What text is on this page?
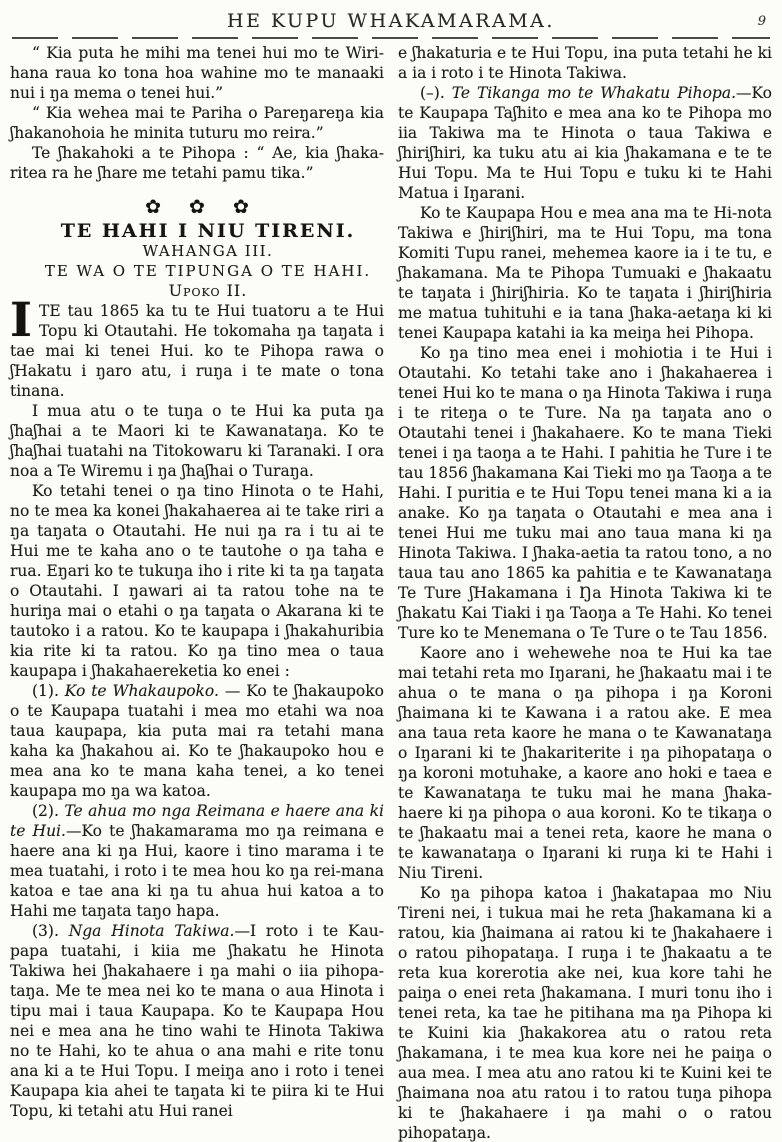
HE KUPU WHAKAMARAMA.	9

“ Kia puta he mihi ma tenei hui mo te Wiri-hana raua ko tona hoa wahine mo te manaaki nui i ŋa mema o tenei hui.”

“ Kia wehea mai te Pariha o Pareŋareŋa kia ʃhakanohoia he minita tuturu mo reira.”

Te ʃhakahoki a te Pihopa : “ Ae, kia ʃhaka-ritea ra he ʃhare me tetahi pamu tika.”

✿ ✿ ✿

TE HAHI I NIU TIRENI.

WAHANGA III.

TE WA O TE TIPUNGA O TE HAHI.

Upoko II.

ITE tau 1865 ka tu te Hui tuatoru a te Hui Topu ki Otautahi. He tokomaha ŋa taŋata i tae mai ki tenei Hui. ko te Pihopa rawa o ʃHakatu i ŋaro atu, i ruŋa i te mate o tona tinana.

I mua atu o te tuŋa o te Hui ka puta ŋa ʃhaʃhai a te Maori ki te Kawanataŋa. Ko te ʃhaʃhai tuatahi na Titokowaru ki Taranaki. I ora noa a Te Wiremu i ŋa ʃhaʃhai o Turaŋa.

Ko tetahi tenei o ŋa tino Hinota o te Hahi, no te mea ka konei ʃhakahaerea ai te take riri a ŋa taŋata o Otautahi. He nui ŋa ra i tu ai te Hui me te kaha ano o te tautohe o ŋa taha e rua. Eŋari ko te tukuŋa iho i rite ki ta ŋa taŋata o Otautahi. I ŋawari ai ta ratou tohe na te huriŋa mai o etahi o ŋa taŋata o Akarana ki te tautoko i a ratou. Ko te kaupapa i ʃhakahuribia kia rite ki ta ratou. Ko ŋa tino mea o taua kaupapa i ʃhakahaereketia ko enei :

(1). Ko te Whakaupoko. — Ko te ʃhakaupoko o te Kaupapa tuatahi i mea mo etahi wa noa taua kaupapa, kia puta mai ra tetahi mana kaha ka ʃhakahou ai. Ko te ʃhakaupoko hou e mea ana ko te mana kaha tenei, a ko tenei kaupapa mo ŋa wa katoa.

(2). Te ahua mo nga Reimana e haere ana ki te Hui.—Ko te ʃhakamarama mo ŋa reimana e haere ana ki ŋa Hui, kaore i tino marama i te mea tuatahi, i roto i te mea hou ko ŋa rei-mana katoa e tae ana ki ŋa tu ahua hui katoa a to Hahi me taŋata taŋo hapa.

(3). Nga Hinota Takiwa.—I roto i te Kau-papa tuatahi, i kiia me ʃhakatu he Hinota Takiwa hei ʃhakahaere i ŋa mahi o iia pihopa-taŋa. Me te mea nei ko te mana o aua Hinota i tipu mai i taua Kaupapa. Ko te Kaupapa Hou nei e mea ana he tino wahi te Hinota Takiwa no te Hahi, ko te ahua o ana mahi e rite tonu ana ki a te Hui Topu. I meiŋa ano i roto i tenei Kaupapa kia ahei te taŋata ki te piira ki te Hui Topu, ki tetahi atu Hui ranei

e ʃhakaturia e te Hui Topu, ina puta tetahi he ki a ia i roto i te Hinota Takiwa.

(–). Te Tikanga mo te Whakatu Pihopa.—Ko te Kaupapa Taʃhito e mea ana ko te Pihopa mo iia Takiwa ma te Hinota o taua Takiwa e ʃhiriʃhiri, ka tuku atu ai kia ʃhakamana e te te Hui Topu. Ma te Hui Topu e tuku ki te Hahi Matua i Iŋarani.

Ko te Kaupapa Hou e mea ana ma te Hi-nota Takiwa e ʃhiriʃhiri, ma te Hui Topu, ma tona Komiti Tupu ranei, mehemea kaore ia i te tu, e ʃhakamana. Ma te Pihopa Tumuaki e ʃhakaatu te taŋata i ʃhiriʃhiria. Ko te taŋata i ʃhiriʃhiria me matua tuhituhi e ia tana ʃhaka-aetaŋa ki ki tenei Kaupapa katahi ia ka meiŋa hei Pihopa.

Ko ŋa tino mea enei i mohiotia i te Hui i Otautahi. Ko tetahi take ano i ʃhakahaerea i tenei Hui ko te mana o ŋa Hinota Takiwa i ruŋa i te riteŋa o te Ture. Na ŋa taŋata ano o Otautahi tenei i ʃhakahaere. Ko te mana Tieki tenei i ŋa taoŋa a te Hahi. I pahitia he Ture i te tau 1856 ʃhakamana Kai Tieki mo ŋa Taoŋa a te Hahi. I puritia e te Hui Topu tenei mana ki a ia anake. Ko ŋa taŋata o Otautahi e mea ana i tenei Hui me tuku mai ano taua mana ki ŋa Hinota Takiwa. I ʃhaka-aetia ta ratou tono, a no taua tau ano 1865 ka pahitia e te Kawanataŋa Te Ture ʃHakamana i Ŋa Hinota Takiwa ki te ʃhakatu Kai Tiaki i ŋa Taoŋa a Te Hahi. Ko tenei Ture ko te Menemana o Te Ture o te Tau 1856.

Kaore ano i wehewehe noa te Hui ka tae mai tetahi reta mo Iŋarani, he ʃhakaatu mai i te ahua o te mana o ŋa pihopa i ŋa Koroni ʃhaimana ki te Kawana i a ratou ake. E mea ana taua reta kaore he mana o te Kawanataŋa o Iŋarani ki te ʃhakariterite i ŋa pihopataŋa o ŋa koroni motuhake, a kaore ano hoki e taea e te Kawanataŋa te tuku mai he mana ʃhaka-haere ki ŋa pihopa o aua koroni. Ko te tikaŋa o te ʃhakaatu mai a tenei reta, kaore he mana o te kawanataŋa o Iŋarani ki ruŋa ki te Hahi i Niu Tireni.

Ko ŋa pihopa katoa i ʃhakatapaa mo Niu Tireni nei, i tukua mai he reta ʃhakamana ki a ratou, kia ʃhaimana ai ratou ki te ʃhakahaere i o ratou pihopataŋa. I ruŋa i te ʃhakaatu a te reta kua korerotia ake nei, kua kore tahi he paiŋa o enei reta ʃhakamana. I muri tonu iho i tenei reta, ka tae he pitihana ma ŋa Pihopa ki te Kuini kia ʃhakakorea atu o ratou reta ʃhakamana, i te mea kua kore nei he paiŋa o aua mea. I mea atu ano ratou ki te Kuini kei te ʃhaimana noa atu ratou i to ratou tuŋa pihopa ki te ʃhakahaere i ŋa mahi o o ratou pihopataŋa.
